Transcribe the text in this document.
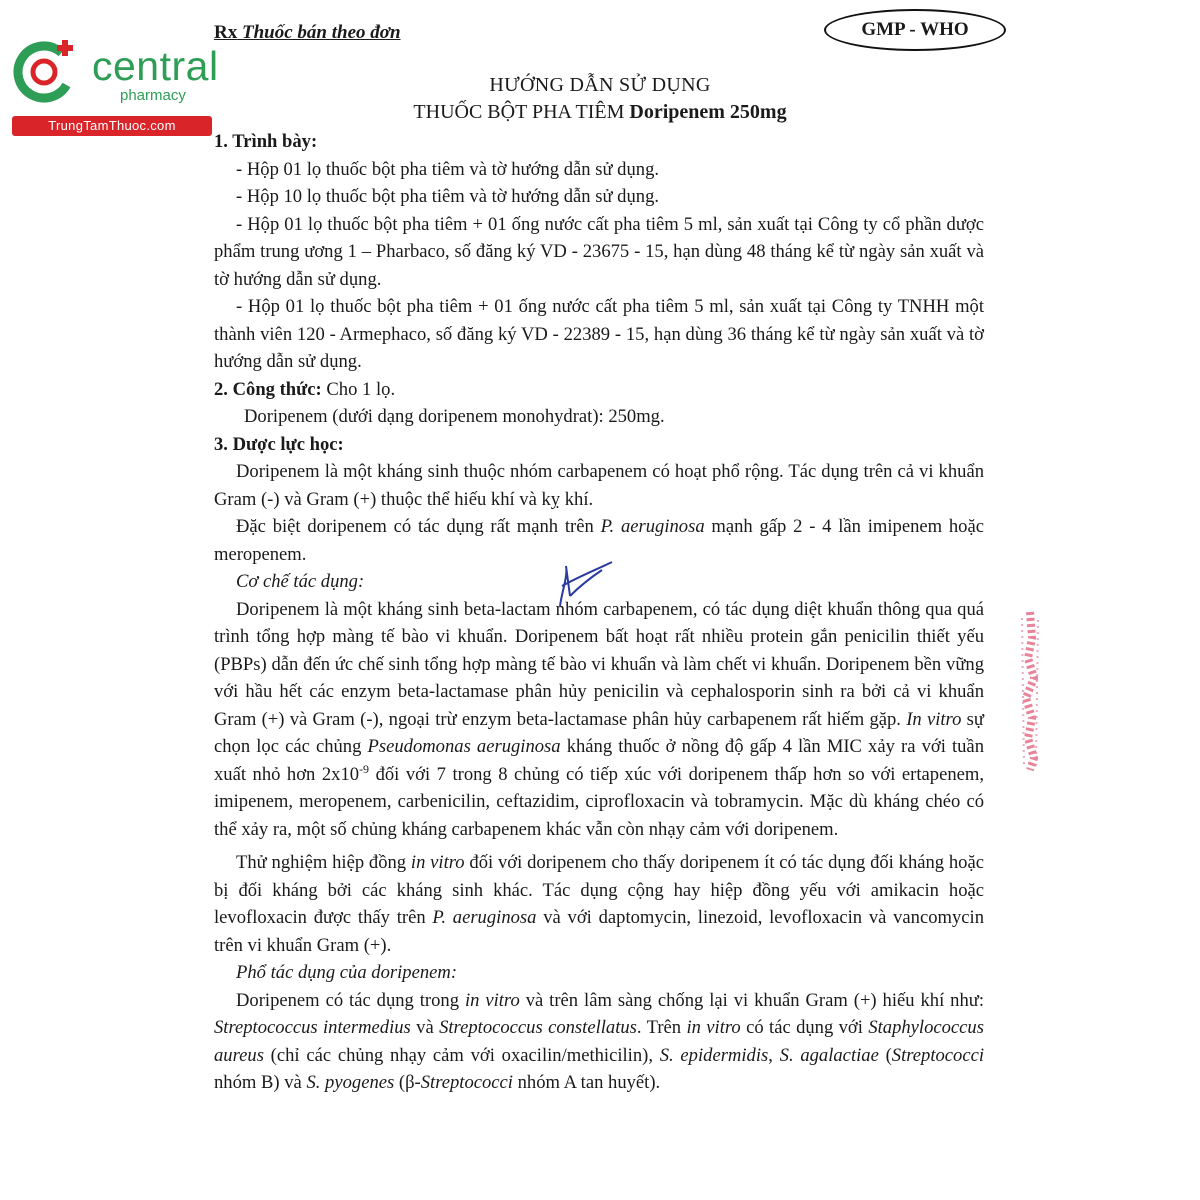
central
pharmacy
TrungTamThuoc.com
Rx Thuốc bán theo đơn	GMP - WHO
HƯỚNG DẪN SỬ DỤNG
THUỐC BỘT PHA TIÊM Doripenem 250mg

1. Trình bày:

- Hộp 01 lọ thuốc bột pha tiêm và tờ hướng dẫn sử dụng.

- Hộp 10 lọ thuốc bột pha tiêm và tờ hướng dẫn sử dụng.

- Hộp 01 lọ thuốc bột pha tiêm + 01 ống nước cất pha tiêm 5 ml, sản xuất tại Công ty cổ phần dược phẩm trung ương 1 – Pharbaco, số đăng ký VD - 23675 - 15, hạn dùng 48 tháng kể từ ngày sản xuất và tờ hướng dẫn sử dụng.

- Hộp 01 lọ thuốc bột pha tiêm + 01 ống nước cất pha tiêm 5 ml, sản xuất tại Công ty TNHH một thành viên 120 - Armephaco, số đăng ký VD - 22389 - 15, hạn dùng 36 tháng kể từ ngày sản xuất và tờ hướng dẫn sử dụng.

2. Công thức: Cho 1 lọ.

Doripenem (dưới dạng doripenem monohydrat): 250mg.

3. Dược lực học:

Doripenem là một kháng sinh thuộc nhóm carbapenem có hoạt phổ rộng. Tác dụng trên cả vi khuẩn Gram (-) và Gram (+) thuộc thể hiếu khí và kỵ khí.

Đặc biệt doripenem có tác dụng rất mạnh trên P. aeruginosa mạnh gấp 2 - 4 lần imipenem hoặc meropenem.

Cơ chế tác dụng:

Doripenem là một kháng sinh beta-lactam nhóm carbapenem, có tác dụng diệt khuẩn thông qua quá trình tổng hợp màng tế bào vi khuẩn. Doripenem bất hoạt rất nhiều protein gắn penicilin thiết yếu (PBPs) dẫn đến ức chế sinh tổng hợp màng tế bào vi khuẩn và làm chết vi khuẩn. Doripenem bền vững với hầu hết các enzym beta-lactamase phân hủy penicilin và cephalosporin sinh ra bởi cả vi khuẩn Gram (+) và Gram (-), ngoại trừ enzym beta-lactamase phân hủy carbapenem rất hiếm gặp. In vitro sự chọn lọc các chủng Pseudomonas aeruginosa kháng thuốc ở nồng độ gấp 4 lần MIC xảy ra với tuần xuất nhỏ hơn $2x10^{-9}$ đối với 7 trong 8 chủng có tiếp xúc với doripenem thấp hơn so với ertapenem, imipenem, meropenem, carbenicilin, ceftazidim, ciprofloxacin và tobramycin. Mặc dù kháng chéo có thể xảy ra, một số chủng kháng carbapenem khác vẫn còn nhạy cảm với doripenem.

Thử nghiệm hiệp đồng in vitro đối với doripenem cho thấy doripenem ít có tác dụng đối kháng hoặc bị đối kháng bởi các kháng sinh khác. Tác dụng cộng hay hiệp đồng yếu với amikacin hoặc levofloxacin được thấy trên P. aeruginosa và với daptomycin, linezoid, levofloxacin và vancomycin trên vi khuẩn Gram (+).

Phổ tác dụng của doripenem:

Doripenem có tác dụng trong in vitro và trên lâm sàng chống lại vi khuẩn Gram (+) hiếu khí như: Streptococcus intermedius và Streptococcus constellatus. Trên in vitro có tác dụng với Staphylococcus aureus (chỉ các chủng nhạy cảm với oxacilin/methicilin), S. epidermidis, S. agalactiae (Streptococci nhóm B) và S. pyogenes (β-Streptococci nhóm A tan huyết).
